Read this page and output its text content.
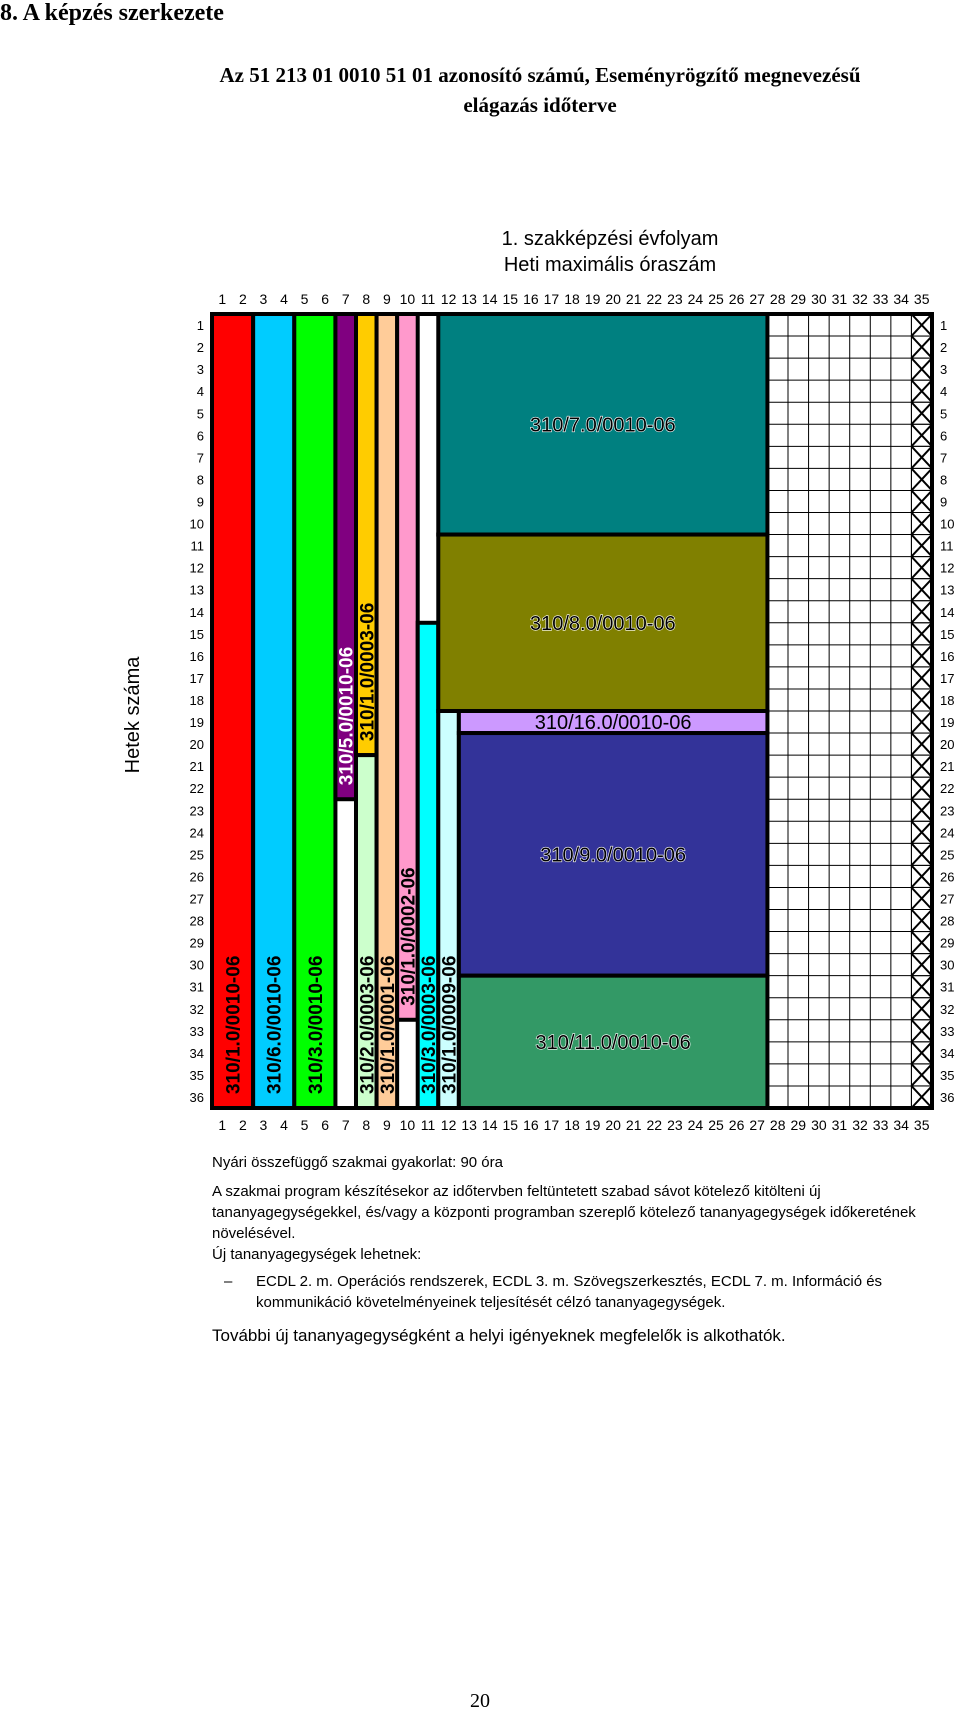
8. A képzés szerkezete
Az 51 213 01 0010 51 01 azonosító számú, Eseményrögzítő megnevezésű
elágazás időterve
1. szakképzési évfolyam
Heti maximális óraszám
Hetek száma
310/1.0/0010-06 310/6.0/0010-06 310/3.0/0010-06
310/5.0/0010-06 310/1.0/0003-06
310/2.0/0003-06 310/1.0/0001-06
310/1.0/0002-06
310/3.0/0003-06 310/1.0/0009-06
310/7.0/0010-06
310/8.0/0010-06
310/16.0/0010-06
310/9.0/0010-06
310/11.0/0010-06
1
1
2
2
3
3
4
4
5
5
6
6
7
7
8
8
9
9
10
10
11
11
12
12
13
13
14
14
15
15
16
16
17
17
18
18
19
19
20
20
21
21
22
22
23
23
24
24
25
25
26
26
27
27
28
28
29
29
30
30
31
31
32
32
33
33
34
34
35
35
1	1
2	2
3	3
4	4
5	5
6	6
7	7
8	8
9	9
10	10
11	11
12	12
13	13
14	14
15	15
16	16
17	17
18	18
19	19
20	20
21	21
22	22
23	23
24	24
25	25
26	26
27	27
28	28
29	29
30	30
31	31
32	32
33	33
34	34
35	35
36	36

Nyári összefüggő szakmai gyakorlat: 90 óra

A szakmai program készítésekor az időtervben feltüntetett szabad sávot kötelező kitölteni új tananyagegységekkel, és/vagy a központi programban szereplő kötelező tananyagegységek időkeretének növelésével.

Új tananyagegységek lehetnek:

– ECDL 2. m. Operációs rendszerek, ECDL 3. m. Szövegszerkesztés, ECDL 7. m. Információ és kommunikáció követelményeinek teljesítését célzó tananyagegységek.

További új tananyagegységként a helyi igényeknek megfelelők is alkothatók.

20
